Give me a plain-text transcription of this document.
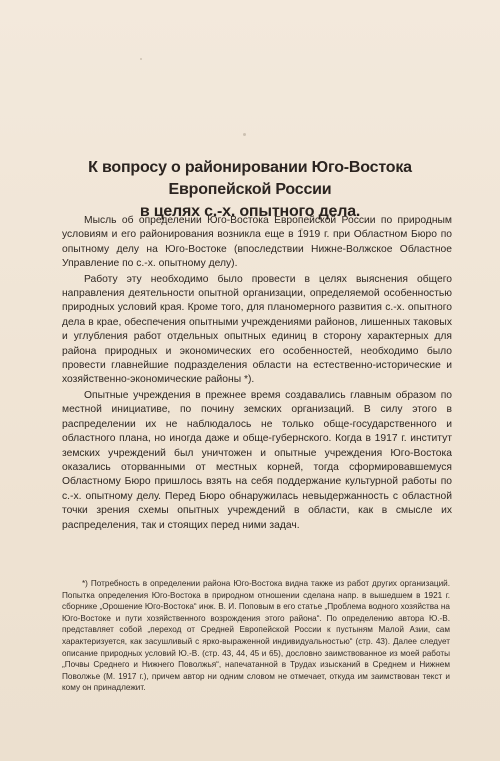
К вопросу о районировании Юго-Востока Европейской России
в целях с.-х. опытного дела.

Мысль об определении Юго-Востока Европейской России по природным условиям и его районирования возникла еще в 1919 г. при Областном Бюро по опытному делу на Юго-Востоке (впоследствии Нижне-Волжское Областное Управление по с.-х. опытному делу).

Работу эту необходимо было провести в целях выяснения общего направления деятельности опытной организации, определяемой особенностью природных условий края. Кроме того, для планомерного развития с.-х. опытного дела в крае, обеспечения опытными учреждениями районов, лишенных таковых и углубления работ отдельных опытных единиц в сторону характерных для района природных и экономических его особенностей, необходимо было провести главнейшие подразделения области на естественно-исторические и хозяйственно-экономические районы *).

Опытные учреждения в прежнее время создавались главным образом по местной инициативе, по почину земских организаций. В силу этого в распределении их не наблюдалось не только обще-государственного и областного плана, но иногда даже и обще-губернского. Когда в 1917 г. институт земских учреждений был уничтожен и опытные учреждения Юго-Востока оказались оторванными от местных корней, тогда сформировавшемуся Областному Бюро пришлось взять на себя поддержание культурной работы по с.-х. опытному делу. Перед Бюро обнаружилась невыдержанность с областной точки зрения схемы опытных учреждений в области, как в смысле их распределения, так и стоящих перед ними задач.

*) Потребность в определении района Юго-Востока видна также из работ других организаций. Попытка определения Юго-Востока в природном отношении сделана напр. в вышедшем в 1921 г. сборнике „Орошение Юго-Востока“ инж. В. И. Поповым в его статье „Проблема водного хозяйства на Юго-Востоке и пути хозяйственного возрождения этого района“. По определению автора Ю.-В. представляет собой „переход от Средней Европейской России к пустыням Малой Азии, сам характеризуется, как засушливый с ярко-выраженной индивидуальностью“ (стр. 43). Далее следует описание природных условий Ю.-В. (стр. 43, 44, 45 и 65), дословно заимствованное из моей работы „Почвы Среднего и Нижнего Поволжья“, напечатанной в Трудах изысканий в Среднем и Нижнем Поволжье (М. 1917 г.), причем автор ни одним словом не отмечает, откуда им заимствован текст и кому он принадлежит.
